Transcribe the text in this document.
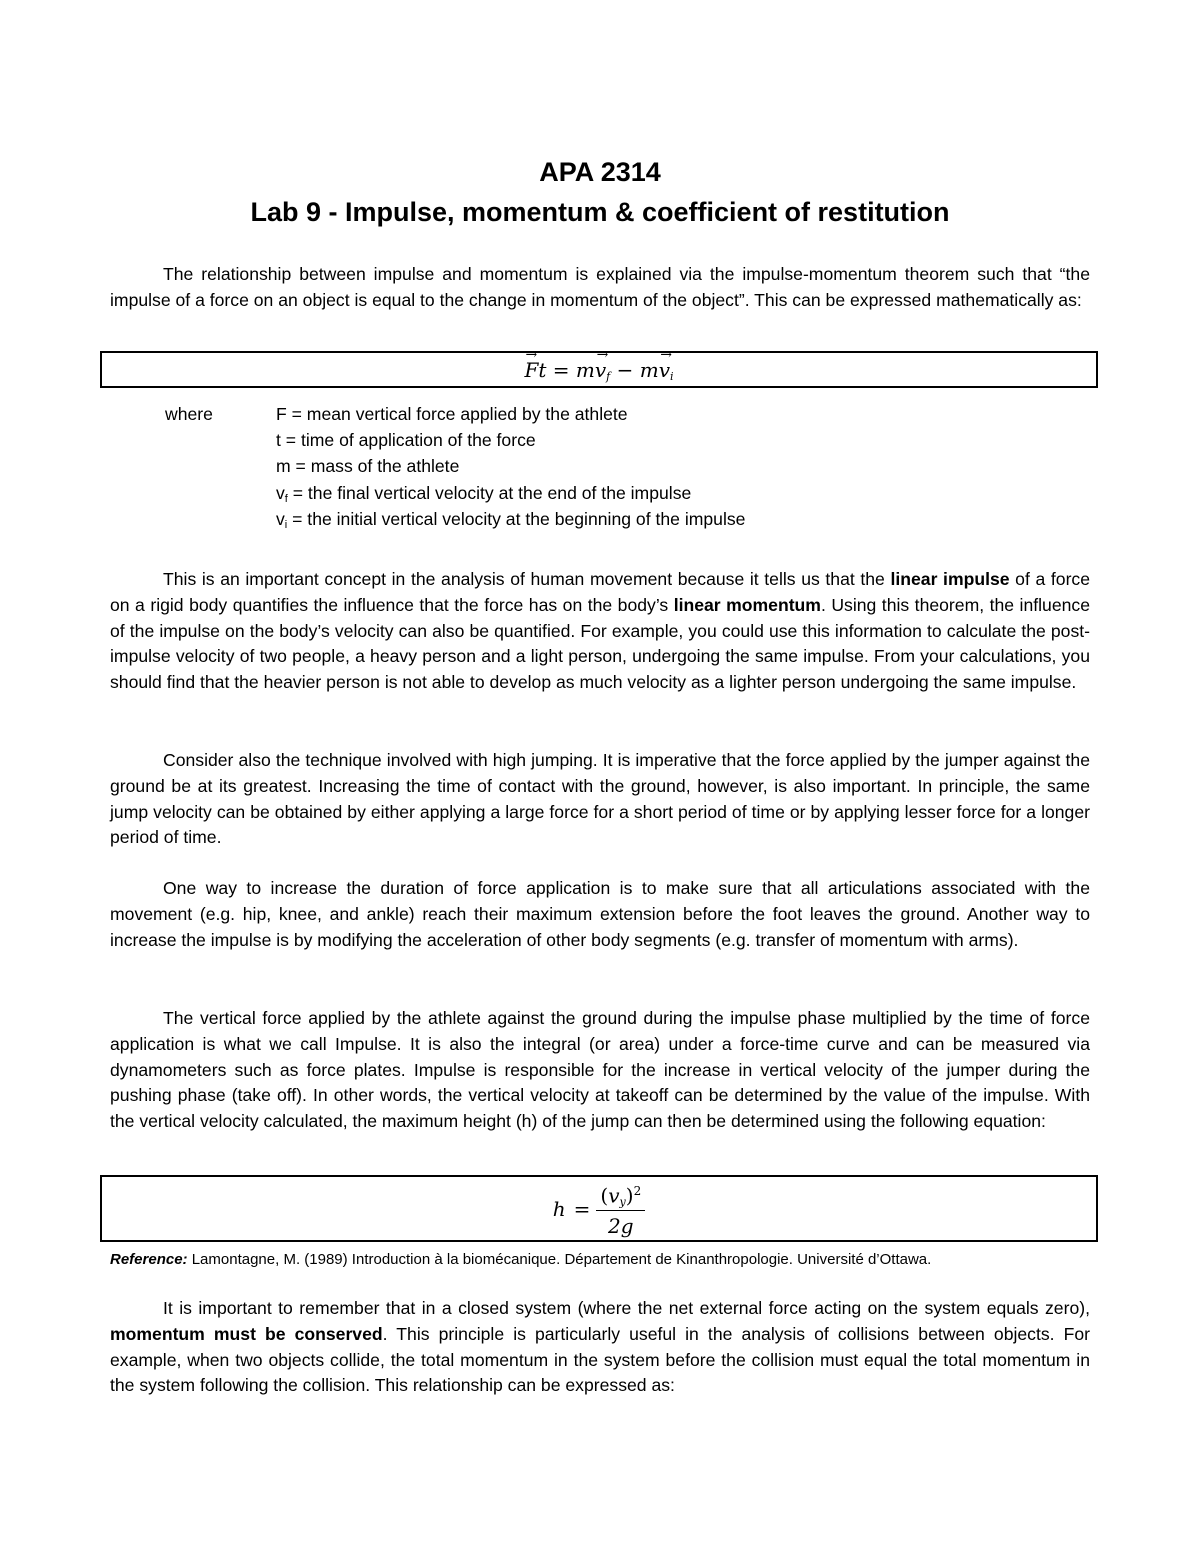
APA 2314
Lab 9 - Impulse, momentum & coefficient of restitution
The relationship between impulse and momentum is explained via the impulse-momentum theorem such that “the impulse of a force on an object is equal to the change in momentum of the object”. This can be expressed mathematically as:
→ $Ft = m\to v_f - m\to v_i$
where	F = mean vertical force applied by the athlete
t = time of application of the force
m = mass of the athlete
$v_f$ = the final vertical velocity at the end of the impulse
$v_i$ = the initial vertical velocity at the beginning of the impulse
This is an important concept in the analysis of human movement because it tells us that the linear impulse of a force on a rigid body quantifies the influence that the force has on the body’s linear momentum. Using this theorem, the influence of the impulse on the body’s velocity can also be quantified. For example, you could use this information to calculate the post-impulse velocity of two people, a heavy person and a light person, undergoing the same impulse. From your calculations, you should find that the heavier person is not able to develop as much velocity as a lighter person undergoing the same impulse.
Consider also the technique involved with high jumping. It is imperative that the force applied by the jumper against the ground be at its greatest. Increasing the time of contact with the ground, however, is also important. In principle, the same jump velocity can be obtained by either applying a large force for a short period of time or by applying lesser force for a longer period of time.
One way to increase the duration of force application is to make sure that all articulations associated with the movement (e.g. hip, knee, and ankle) reach their maximum extension before the foot leaves the ground. Another way to increase the impulse is by modifying the acceleration of other body segments (e.g. transfer of momentum with arms).
The vertical force applied by the athlete against the ground during the impulse phase multiplied by the time of force application is what we call Impulse. It is also the integral (or area) under a force-time curve and can be measured via dynamometers such as force plates. Impulse is responsible for the increase in vertical velocity of the jumper during the pushing phase (take off). In other words, the vertical velocity at takeoff can be determined by the value of the impulse. With the vertical velocity calculated, the maximum height (h) of the jump can then be determined using the following equation:
$h = \frac{(v_y)^2}{2g}$
Reference: Lamontagne, M. (1989) Introduction à la biomécanique. Département de Kinanthropologie. Université d’Ottawa.
It is important to remember that in a closed system (where the net external force acting on the system equals zero), momentum must be conserved. This principle is particularly useful in the analysis of collisions between objects. For example, when two objects collide, the total momentum in the system before the collision must equal the total momentum in the system following the collision. This relationship can be expressed as:
